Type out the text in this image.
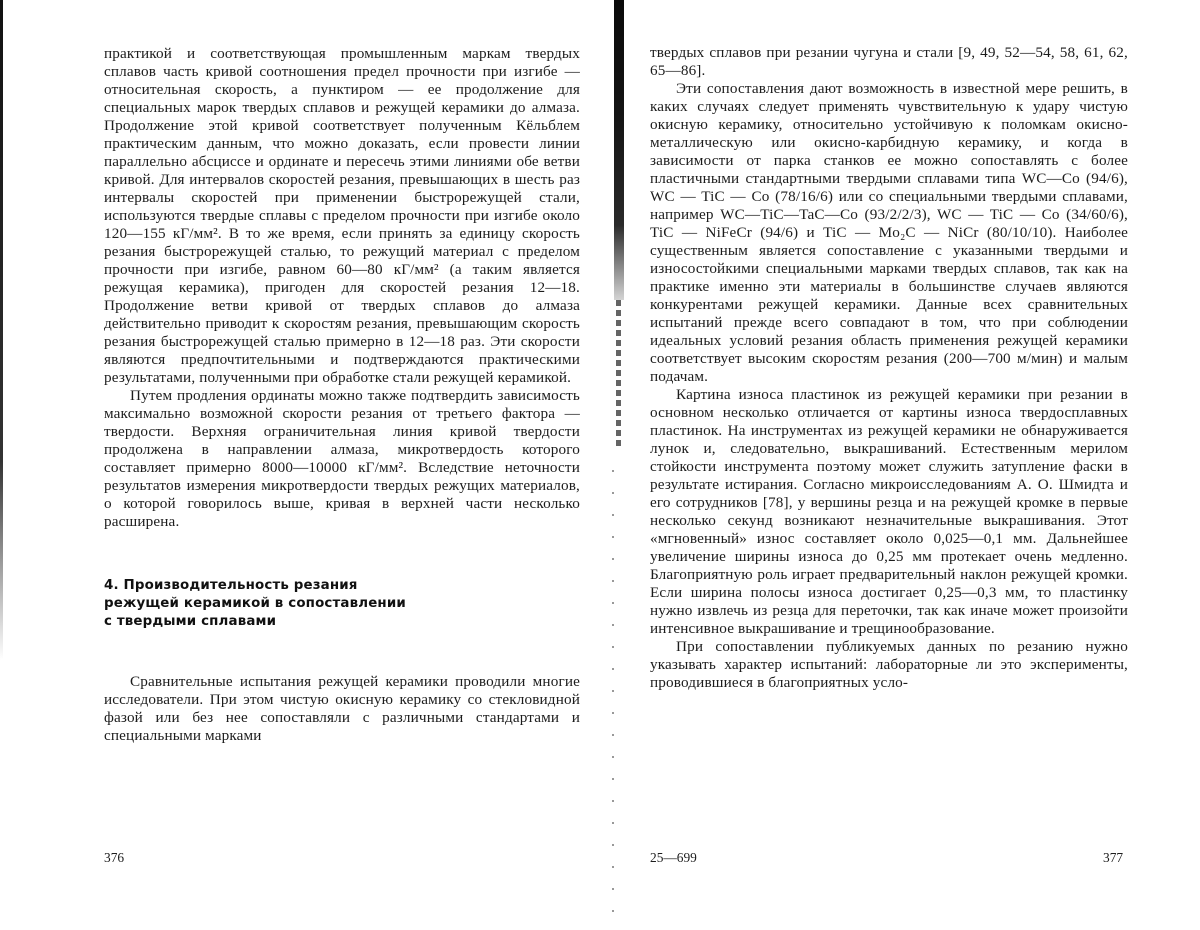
практикой и соответствующая промышленным маркам твердых сплавов часть кривой соотношения предел прочности при изгибе — относительная скорость, а пунктиром — ее продолжение для специальных марок твердых сплавов и режущей керамики до алмаза. Продолжение этой кривой соответствует полученным Кёльблем практическим данным, что можно доказать, если провести линии параллельно абсциссе и ординате и пересечь этими линиями обе ветви кривой. Для интервалов скоростей резания, превышающих в шесть раз интервалы скоростей при применении быстрорежущей стали, используются твердые сплавы с пределом прочности при изгибе около 120—155 кГ/мм². В то же время, если принять за единицу скорость резания быстрорежущей сталью, то режущий материал с пределом прочности при изгибе, равном 60—80 кГ/мм² (а таким является режущая керамика), пригоден для скоростей резания 12—18. Продолжение ветви кривой от твердых сплавов до алмаза действительно приводит к скоростям резания, превышающим скорость резания быстрорежущей сталью примерно в 12—18 раз. Эти скорости являются предпочтительными и подтверждаются практическими результатами, полученными при обработке стали режущей керамикой.

Путем продления ординаты можно также подтвердить зависимость максимально возможной скорости резания от третьего фактора — твердости. Верхняя ограничительная линия кривой твердости продолжена в направлении алмаза, микротвердость которого составляет примерно 8000—10000 кГ/мм². Вследствие неточности результатов измерения микротвердости твердых режущих материалов, о которой говорилось выше, кривая в верхней части несколько расширена.

4. Производительность резания
режущей керамикой в сопоставлении
с твердыми сплавами

Сравнительные испытания режущей керамики проводили многие исследователи. При этом чистую окисную керамику со стекловидной фазой или без нее сопоставляли с различными стандартами и специальными марками

376

твердых сплавов при резании чугуна и стали [9, 49, 52—54, 58, 61, 62, 65—86].

Эти сопоставления дают возможность в известной мере решить, в каких случаях следует применять чувствительную к удару чистую окисную керамику, относительно устойчивую к поломкам окисно-металлическую или окисно-карбидную керамику, и когда в зависимости от парка станков ее можно сопоставлять с более пластичными стандартными твердыми сплавами типа WC—Co (94/6), WC — TiC — Co (78/16/6) или со специальными твердыми сплавами, например WC—TiC—TaC—Co (93/2/2/3), WC — TiC — Co (34/60/6), TiC — NiFeCr (94/6) и TiC — Mo₂C — NiCr (80/10/10). Наиболее существенным является сопоставление с указанными твердыми и износостойкими специальными марками твердых сплавов, так как на практике именно эти материалы в большинстве случаев являются конкурентами режущей керамики. Данные всех сравнительных испытаний прежде всего совпадают в том, что при соблюдении идеальных условий резания область применения режущей керамики соответствует высоким скоростям резания (200—700 м/мин) и малым подачам.

Картина износа пластинок из режущей керамики при резании в основном несколько отличается от картины износа твердосплавных пластинок. На инструментах из режущей керамики не обнаруживается лунок и, следовательно, выкрашиваний. Естественным мерилом стойкости инструмента поэтому может служить затупление фаски в результате истирания. Согласно микроисследованиям А. О. Шмидта и его сотрудников [78], у вершины резца и на режущей кромке в первые несколько секунд возникают незначительные выкрашивания. Этот «мгновенный» износ составляет около 0,025—0,1 мм. Дальнейшее увеличение ширины износа до 0,25 мм протекает очень медленно. Благоприятную роль играет предварительный наклон режущей кромки. Если ширина полосы износа достигает 0,25—0,3 мм, то пластинку нужно извлечь из резца для переточки, так как иначе может произойти интенсивное выкрашивание и трещинообразование.

При сопоставлении публикуемых данных по резанию нужно указывать характер испытаний: лабораторные ли это эксперименты, проводившиеся в благоприятных усло-

25—699	377
